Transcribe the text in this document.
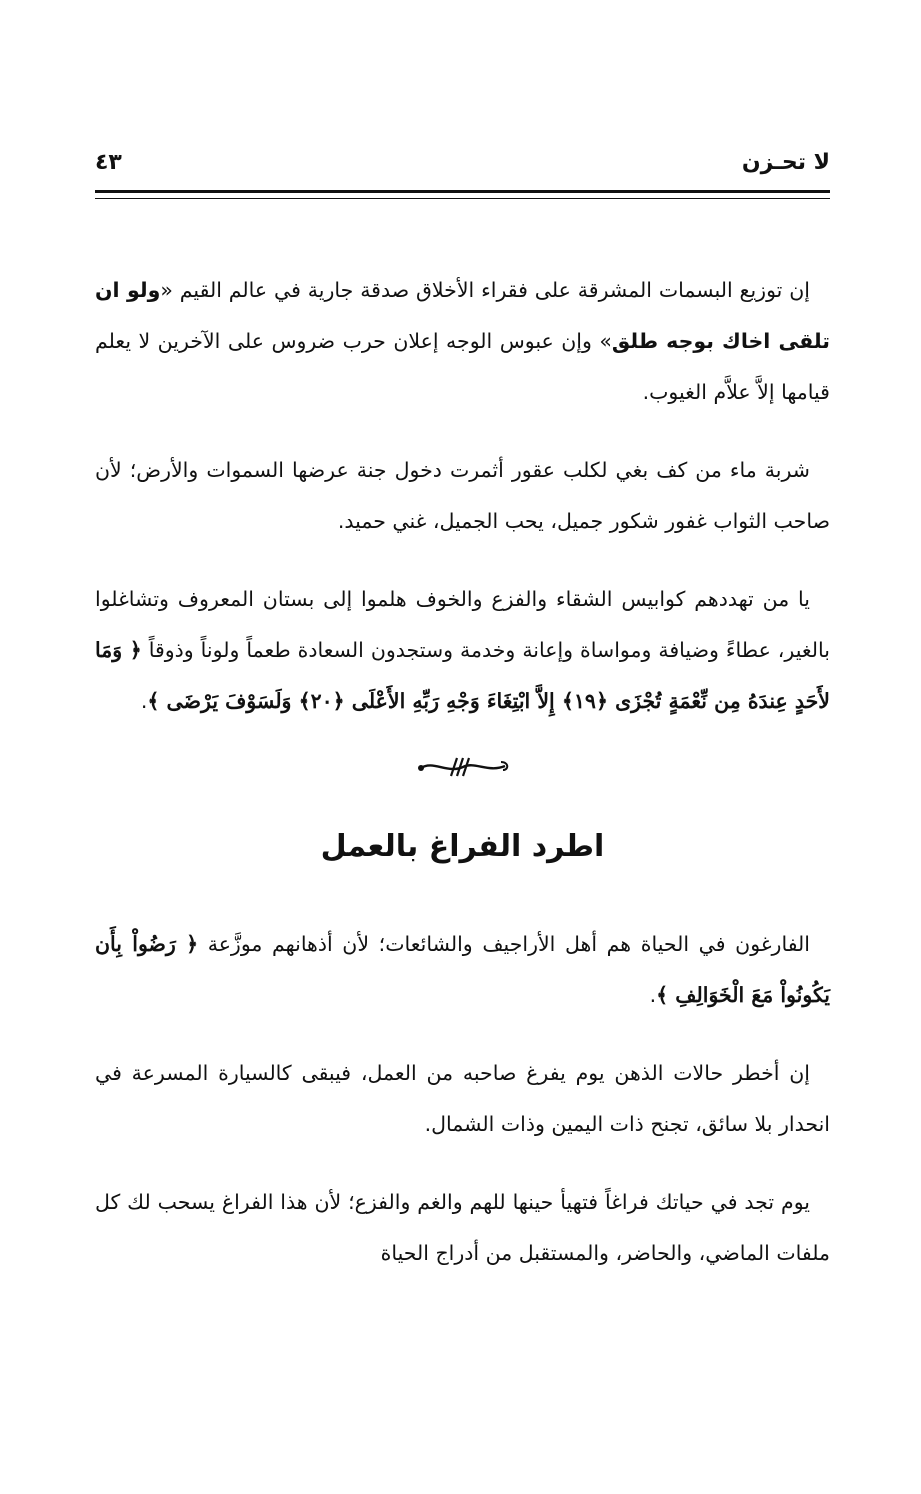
لا تحـزن
٤٣

إن توزيع البسمات المشرقة على فقراء الأخلاق صدقة جارية في عالم القيم «ولو ان تلقى اخاك بوجه طلق» وإن عبوس الوجه إعلان حرب ضروس على الآخرين لا يعلم قيامها إلاَّ علاَّم الغيوب.

شربة ماء من كف بغي لكلب عقور أثمرت دخول جنة عرضها السموات والأرض؛ لأن صاحب الثواب غفور شكور جميل، يحب الجميل، غني حميد.

يا من تهددهم كوابيس الشقاء والفزع والخوف هلموا إلى بستان المعروف وتشاغلوا بالغير، عطاءً وضيافة ومواساة وإعانة وخدمة وستجدون السعادة طعماً ولوناً وذوقاً ﴿ وَمَا لأَحَدٍ عِندَهُ مِن نِّعْمَةٍ تُجْزَى ﴿١٩﴾ إِلاَّ ابْتِغَاءَ وَجْهِ رَبِّهِ الأَعْلَى ﴿٢٠﴾ وَلَسَوْفَ يَرْضَى ﴾.

اطرد الفراغ بالعمل

الفارغون في الحياة هم أهل الأراجيف والشائعات؛ لأن أذهانهم موزَّعة ﴿ رَضُواْ بِأَن يَكُونُواْ مَعَ الْخَوَالِفِ ﴾.

إن أخطر حالات الذهن يوم يفرغ صاحبه من العمل، فيبقى كالسيارة المسرعة في انحدار بلا سائق، تجنح ذات اليمين وذات الشمال.

يوم تجد في حياتك فراغاً فتهيأ حينها للهم والغم والفزع؛ لأن هذا الفراغ يسحب لك كل ملفات الماضي، والحاضر، والمستقبل من أدراج الحياة
